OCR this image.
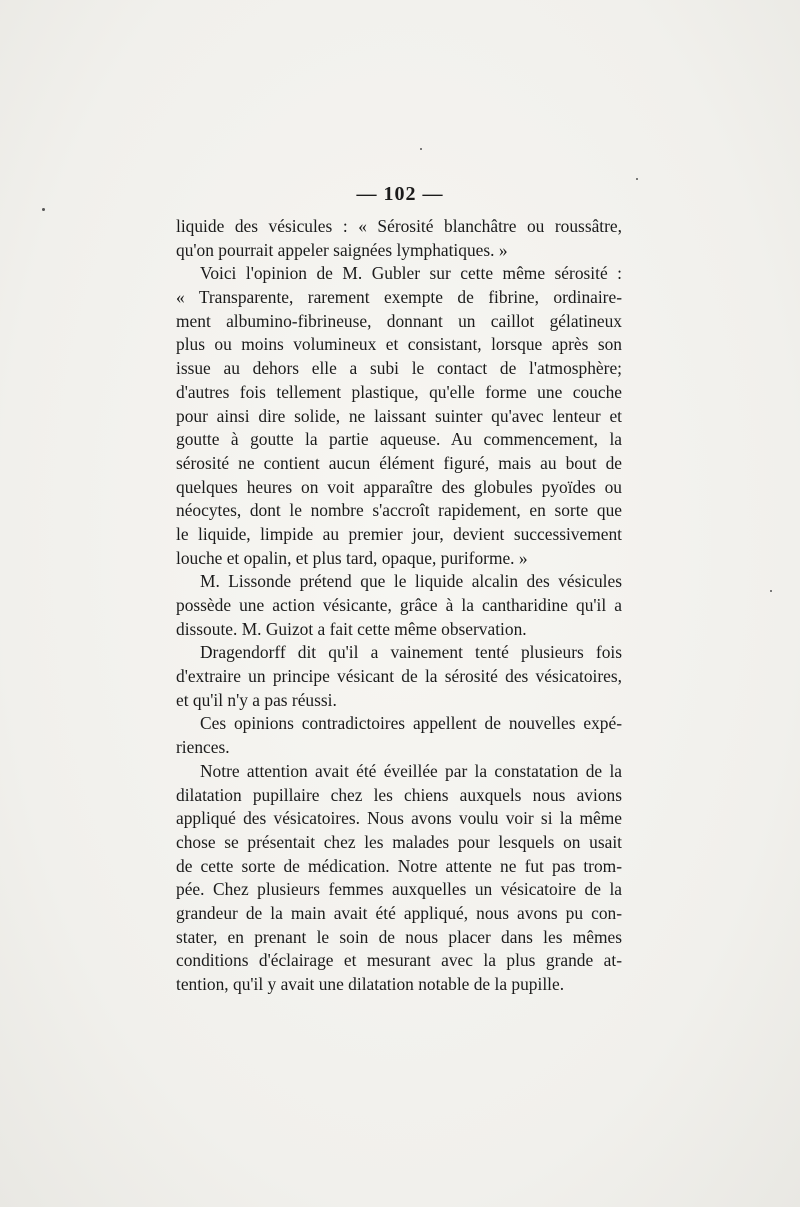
— 102 —
liquide des vésicules : « Sérosité blanchâtre ou roussâtre,
qu'on pourrait appeler saignées lymphatiques. »
Voici l'opinion de M. Gubler sur cette même sérosité :
« Transparente, rarement exempte de fibrine, ordinaire-
ment albumino-fibrineuse, donnant un caillot gélatineux
plus ou moins volumineux et consistant, lorsque après son
issue au dehors elle a subi le contact de l'atmosphère;
d'autres fois tellement plastique, qu'elle forme une couche
pour ainsi dire solide, ne laissant suinter qu'avec lenteur et
goutte à goutte la partie aqueuse. Au commencement, la
sérosité ne contient aucun élément figuré, mais au bout de
quelques heures on voit apparaître des globules pyoïdes ou
néocytes, dont le nombre s'accroît rapidement, en sorte que
le liquide, limpide au premier jour, devient successivement
louche et opalin, et plus tard, opaque, puriforme. »
M. Lissonde prétend que le liquide alcalin des vésicules
possède une action vésicante, grâce à la cantharidine qu'il a
dissoute. M. Guizot a fait cette même observation.
Dragendorff dit qu'il a vainement tenté plusieurs fois
d'extraire un principe vésicant de la sérosité des vésicatoires,
et qu'il n'y a pas réussi.
Ces opinions contradictoires appellent de nouvelles expé-
riences.
Notre attention avait été éveillée par la constatation de la
dilatation pupillaire chez les chiens auxquels nous avions
appliqué des vésicatoires. Nous avons voulu voir si la même
chose se présentait chez les malades pour lesquels on usait
de cette sorte de médication. Notre attente ne fut pas trom-
pée. Chez plusieurs femmes auxquelles un vésicatoire de la
grandeur de la main avait été appliqué, nous avons pu con-
stater, en prenant le soin de nous placer dans les mêmes
conditions d'éclairage et mesurant avec la plus grande at-
tention, qu'il y avait une dilatation notable de la pupille.
